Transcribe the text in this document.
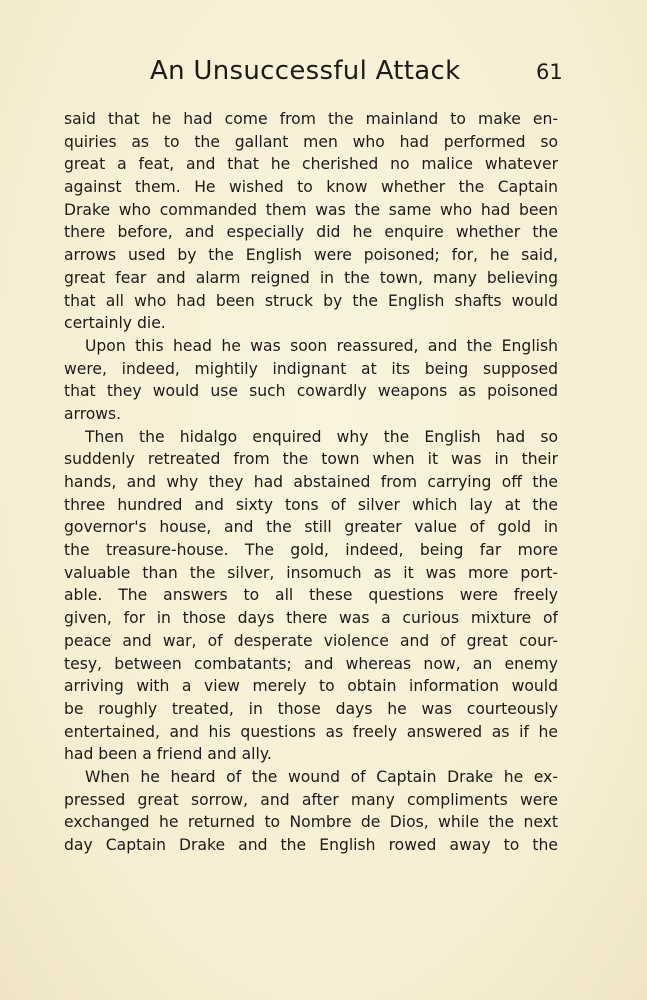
An Unsuccessful Attack	61
said that he had come from the mainland to make en-
quiries as to the gallant men who had performed so
great a feat, and that he cherished no malice whatever
against them. He wished to know whether the Captain
Drake who commanded them was the same who had been
there before, and especially did he enquire whether the
arrows used by the English were poisoned; for, he said,
great fear and alarm reigned in the town, many believing
that all who had been struck by the English shafts would
certainly die.
Upon this head he was soon reassured, and the English
were, indeed, mightily indignant at its being supposed
that they would use such cowardly weapons as poisoned
arrows.
Then the hidalgo enquired why the English had so
suddenly retreated from the town when it was in their
hands, and why they had abstained from carrying off the
three hundred and sixty tons of silver which lay at the
governor's house, and the still greater value of gold in
the treasure-house. The gold, indeed, being far more
valuable than the silver, insomuch as it was more port-
able. The answers to all these questions were freely
given, for in those days there was a curious mixture of
peace and war, of desperate violence and of great cour-
tesy, between combatants; and whereas now, an enemy
arriving with a view merely to obtain information would
be roughly treated, in those days he was courteously
entertained, and his questions as freely answered as if he
had been a friend and ally.
When he heard of the wound of Captain Drake he ex-
pressed great sorrow, and after many compliments were
exchanged he returned to Nombre de Dios, while the next
day Captain Drake and the English rowed away to the
